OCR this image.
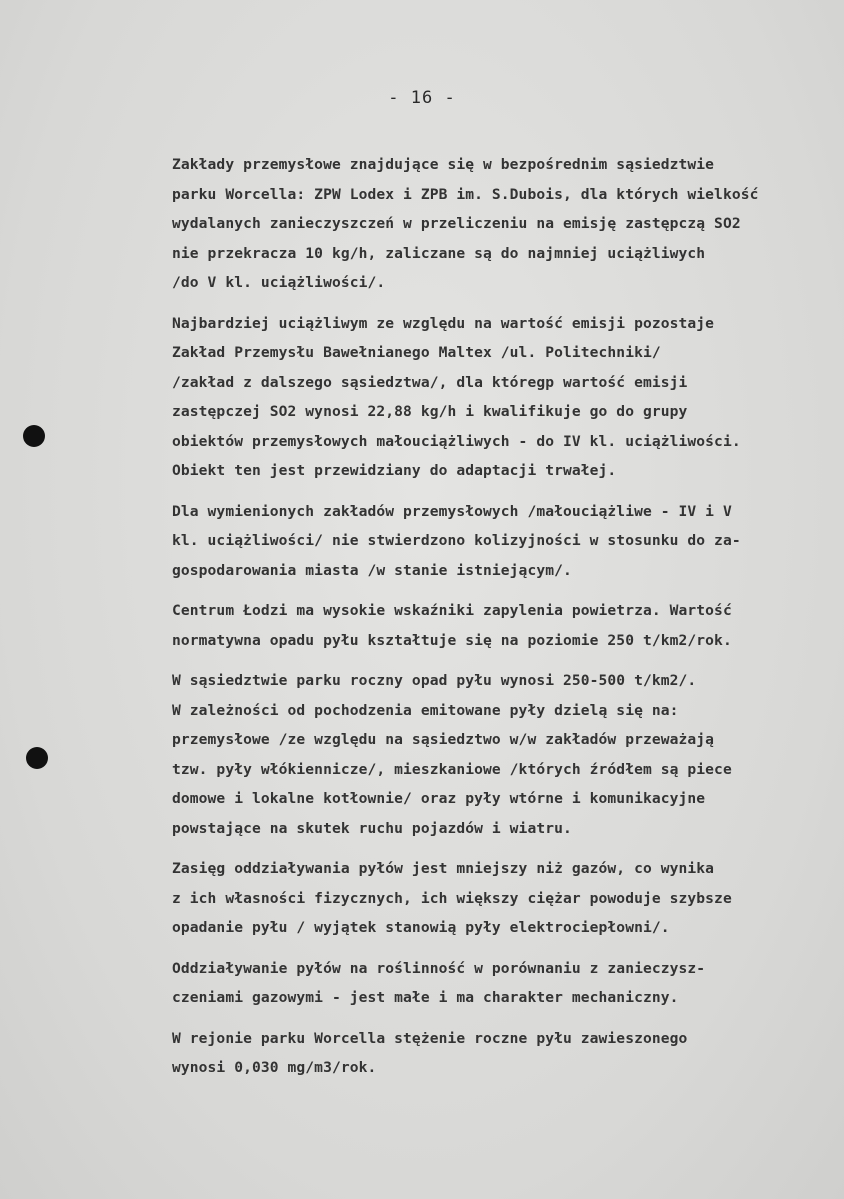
- 16 -
Zakłady przemysłowe znajdujące się w bezpośrednim sąsiedztwie
parku Worcella: ZPW Lodex i ZPB im. S.Dubois, dla których wielkość
wydalanych zanieczyszczeń w przeliczeniu na emisję zastępczą SO2
nie przekracza 10 kg/h, zaliczane są do najmniej uciążliwych
/do V kl. uciążliwości/.
Najbardziej uciążliwym ze względu na wartość emisji pozostaje
Zakład Przemysłu Bawełnianego Maltex /ul. Politechniki/
/zakład z dalszego sąsiedztwa/, dla któregp wartość emisji
zastępczej SO2 wynosi 22,88 kg/h i kwalifikuje go do grupy
obiektów przemysłowych małouciążliwych - do IV kl. uciążliwości.
Obiekt ten jest przewidziany do adaptacji trwałej.
Dla wymienionych zakładów przemysłowych /małouciążliwe - IV i V
kl. uciążliwości/ nie stwierdzono kolizyjności w stosunku do za-
gospodarowania miasta /w stanie istniejącym/.
Centrum Łodzi ma wysokie wskaźniki zapylenia powietrza. Wartość
normatywna opadu pyłu kształtuje się na poziomie 250 t/km2/rok.
W sąsiedztwie parku roczny opad pyłu wynosi 250-500 t/km2/.
W zależności od pochodzenia emitowane pyły dzielą się na:
przemysłowe /ze względu na sąsiedztwo w/w zakładów przeważają
tzw. pyły włókiennicze/, mieszkaniowe /których źródłem są piece
domowe i lokalne kotłownie/ oraz pyły wtórne i komunikacyjne
powstające na skutek ruchu pojazdów i wiatru.
Zasięg oddziaływania pyłów jest mniejszy niż gazów, co wynika
z ich własności fizycznych, ich większy ciężar powoduje szybsze
opadanie pyłu / wyjątek stanowią pyły elektrociepłowni/.
Oddziaływanie pyłów na roślinność w porównaniu z zanieczysz-
czeniami gazowymi - jest małe i ma charakter mechaniczny.
W rejonie parku Worcella stężenie roczne pyłu zawieszonego
wynosi 0,030 mg/m3/rok.
